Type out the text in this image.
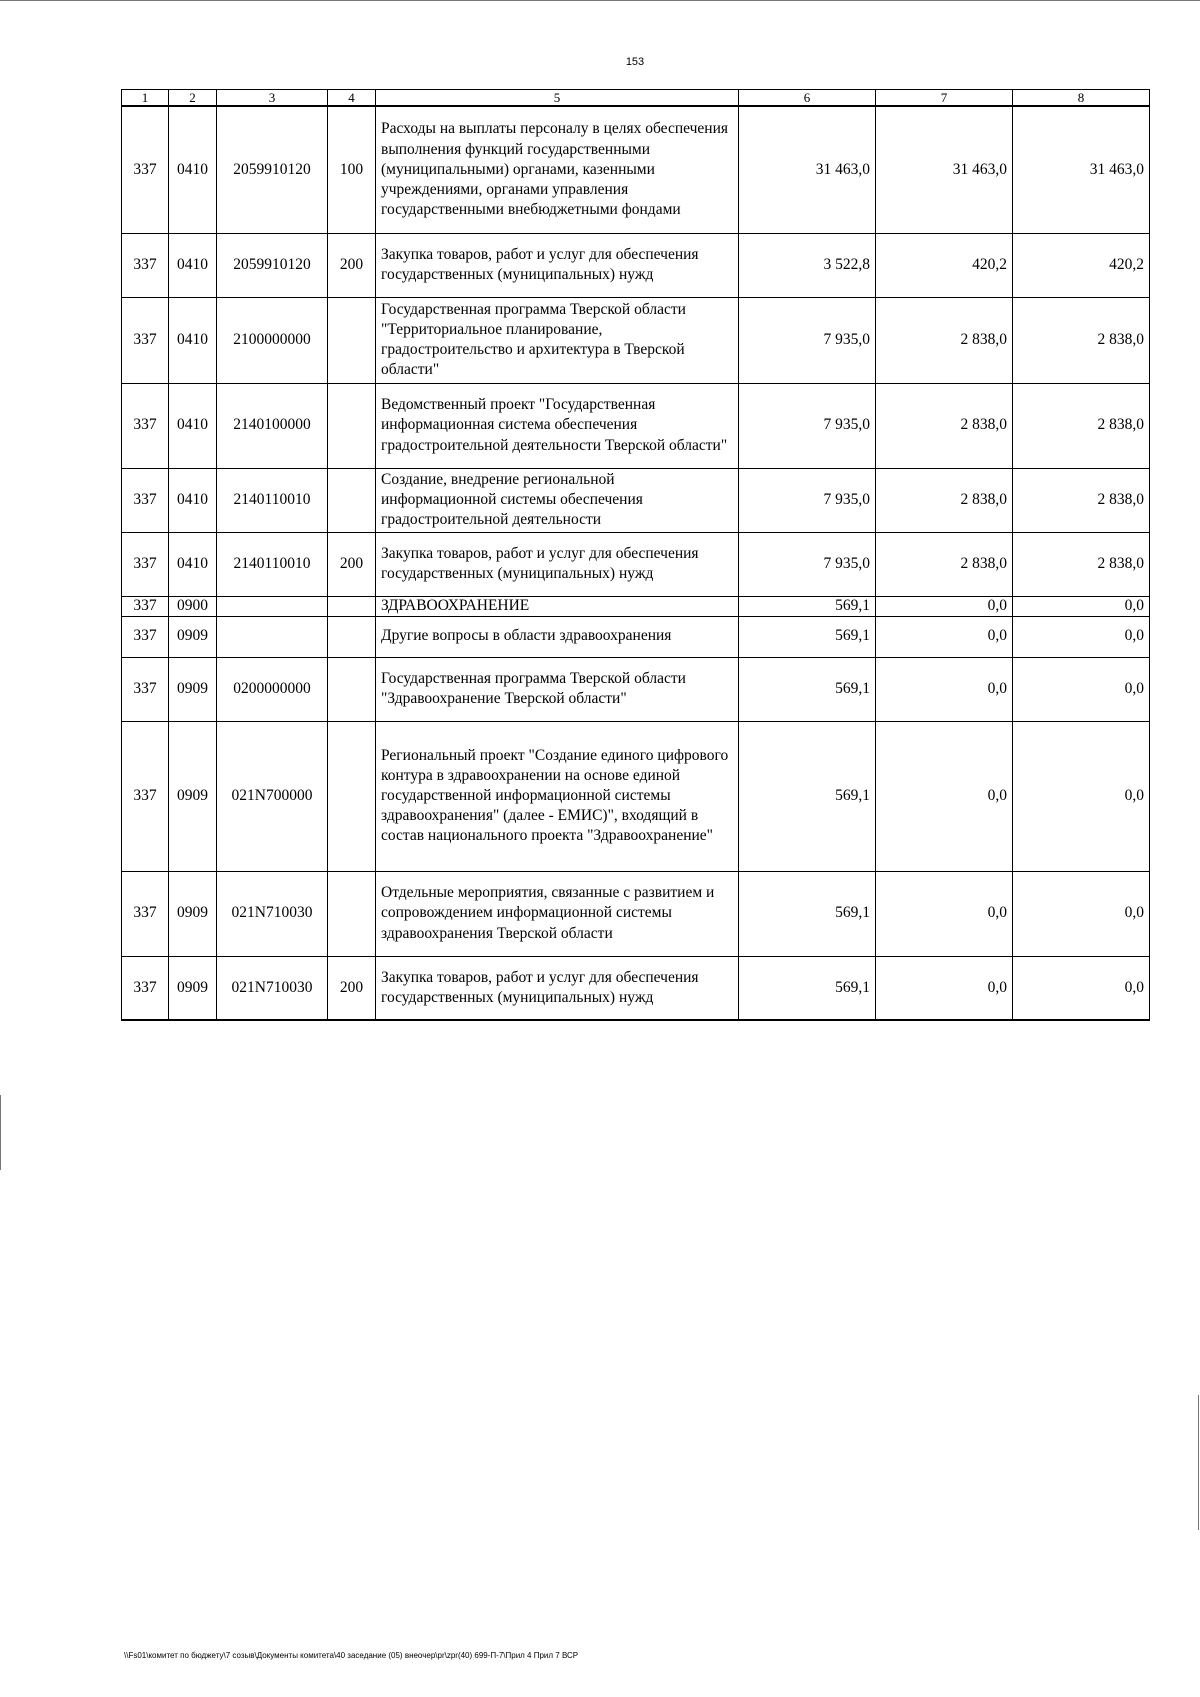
153
1	2	3	4	5	6	7	8
337	0410	2059910120	100	Расходы на выплаты персоналу в целях обеспечения выполнения функций государственными (муниципальными) органами, казенными учреждениями, органами управления государственными внебюджетными фондами	31 463,0	31 463,0	31 463,0
337	0410	2059910120	200	Закупка товаров, работ и услуг для обеспечения государственных (муниципальных) нужд	3 522,8	420,2	420,2
337	0410	2100000000		Государственная программа Тверской области "Территориальное планирование, градостроительство и архитектура в Тверской области"	7 935,0	2 838,0	2 838,0
337	0410	2140100000		Ведомственный проект "Государственная информационная система обеспечения градостроительной деятельности Тверской области"	7 935,0	2 838,0	2 838,0
337	0410	2140110010		Создание, внедрение региональной информационной системы обеспечения градостроительной деятельности	7 935,0	2 838,0	2 838,0
337	0410	2140110010	200	Закупка товаров, работ и услуг для обеспечения государственных (муниципальных) нужд	7 935,0	2 838,0	2 838,0
337	0900			ЗДРАВООХРАНЕНИЕ	569,1	0,0	0,0
337	0909			Другие вопросы в области здравоохранения	569,1	0,0	0,0
337	0909	0200000000		Государственная программа Тверской области "Здравоохранение Тверской области"	569,1	0,0	0,0
337	0909	021N700000		Региональный проект "Создание единого цифрового контура в здравоохранении на основе единой государственной информационной системы здравоохранения" (далее - ЕМИС)", входящий в состав национального проекта "Здравоохранение"	569,1	0,0	0,0
337	0909	021N710030		Отдельные мероприятия, связанные с развитием и сопровождением информационной системы здравоохранения Тверской области	569,1	0,0	0,0
337	0909	021N710030	200	Закупка товаров, работ и услуг для обеспечения государственных (муниципальных) нужд	569,1	0,0	0,0
\\Fs01\комитет по бюджету\7 созыв\Документы комитета\40 заседание (05) внеочер\pr\zpr(40) 699-П-7\Прил 4 Прил 7 ВСР
